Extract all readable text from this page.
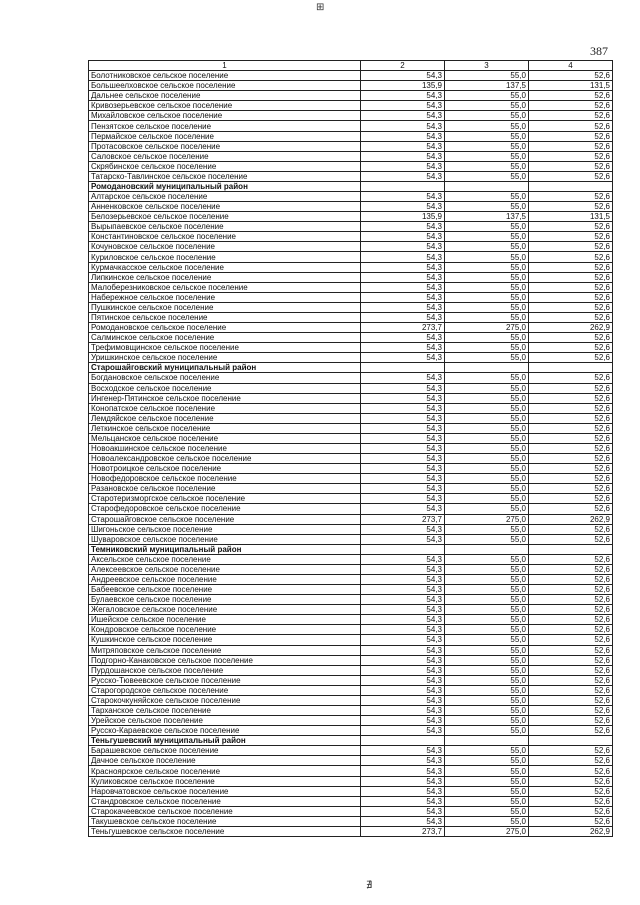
⊞
387
1	2	3	4
Болотниковское сельское поселение	54,3	55,0	52,6
Большеелховское сельское поселение	135,9	137,5	131,5
Дальнее сельское поселение	54,3	55,0	52,6
Кривозерьевское сельское поселение	54,3	55,0	52,6
Михайловское сельское поселение	54,3	55,0	52,6
Пензятское сельское поселение	54,3	55,0	52,6
Пермайское сельское поселение	54,3	55,0	52,6
Протасовское сельское поселение	54,3	55,0	52,6
Саловское сельское поселение	54,3	55,0	52,6
Скрябинское сельское поселение	54,3	55,0	52,6
Татарско-Тавлинское сельское поселение	54,3	55,0	52,6
Ромодановский муниципальный район			
Алтарское сельское поселение	54,3	55,0	52,6
Анненковское сельское поселение	54,3	55,0	52,6
Белозерьевское сельское поселение	135,9	137,5	131,5
Вырыпаевское сельское поселение	54,3	55,0	52,6
Константиновское сельское поселение	54,3	55,0	52,6
Кочуновское сельское поселение	54,3	55,0	52,6
Куриловское сельское поселение	54,3	55,0	52,6
Курмачкасское сельское поселение	54,3	55,0	52,6
Липкинское сельское поселение	54,3	55,0	52,6
Малоберезниковское сельское поселение	54,3	55,0	52,6
Набережное сельское поселение	54,3	55,0	52,6
Пушкинское сельское поселение	54,3	55,0	52,6
Пятинское сельское поселение	54,3	55,0	52,6
Ромодановское сельское поселение	273,7	275,0	262,9
Салминское сельское поселение	54,3	55,0	52,6
Трефимовщинское сельское поселение	54,3	55,0	52,6
Уришкинское сельское поселение	54,3	55,0	52,6
Старошайговский муниципальный район			
Богдановское сельское поселение	54,3	55,0	52,6
Восходское сельское поселение	54,3	55,0	52,6
Ингенер-Пятинское сельское поселение	54,3	55,0	52,6
Конопатское сельское поселение	54,3	55,0	52,6
Лемдяйское сельское поселение	54,3	55,0	52,6
Леткинское сельское поселение	54,3	55,0	52,6
Мельцанское сельское поселение	54,3	55,0	52,6
Новоакшинское сельское поселение	54,3	55,0	52,6
Новоалександровское сельское поселение	54,3	55,0	52,6
Новотроицкое сельское поселение	54,3	55,0	52,6
Новофедоровское сельское поселение	54,3	55,0	52,6
Разановское сельское поселение	54,3	55,0	52,6
Старотеризморгское сельское поселение	54,3	55,0	52,6
Старофедоровское сельское поселение	54,3	55,0	52,6
Старошайговское сельское поселение	273,7	275,0	262,9
Шигоньское сельское поселение	54,3	55,0	52,6
Шуваровское сельское поселение	54,3	55,0	52,6
Темниковский муниципальный район			
Аксельское сельское поселение	54,3	55,0	52,6
Алексеевское сельское поселение	54,3	55,0	52,6
Андреевское сельское поселение	54,3	55,0	52,6
Бабеевское сельское поселение	54,3	55,0	52,6
Булаевское сельское поселение	54,3	55,0	52,6
Жегаловское сельское поселение	54,3	55,0	52,6
Ишейское сельское поселение	54,3	55,0	52,6
Кондровское сельское поселение	54,3	55,0	52,6
Кушкинское сельское поселение	54,3	55,0	52,6
Митряповское сельское поселение	54,3	55,0	52,6
Подгорно-Канаковское сельское поселение	54,3	55,0	52,6
Пурдошанское сельское поселение	54,3	55,0	52,6
Русско-Тювеевское сельское поселение	54,3	55,0	52,6
Старогородское сельское поселение	54,3	55,0	52,6
Старокочкуняйское сельское поселение	54,3	55,0	52,6
Тарханское сельское поселение	54,3	55,0	52,6
Урейское сельское поселение	54,3	55,0	52,6
Русско-Караевское сельское поселение	54,3	55,0	52,6
Теньгушевский муниципальный район			
Барашевское сельское поселение	54,3	55,0	52,6
Дачное сельское поселение	54,3	55,0	52,6
Красноярское сельское поселение	54,3	55,0	52,6
Куликовское сельское поселение	54,3	55,0	52,6
Наровчатовское сельское поселение	54,3	55,0	52,6
Стандровское сельское поселение	54,3	55,0	52,6
Старокачеевское сельское поселение	54,3	55,0	52,6
Такушевское сельское поселение	54,3	55,0	52,6
Теньгушевское сельское поселение	273,7	275,0	262,9
∄
